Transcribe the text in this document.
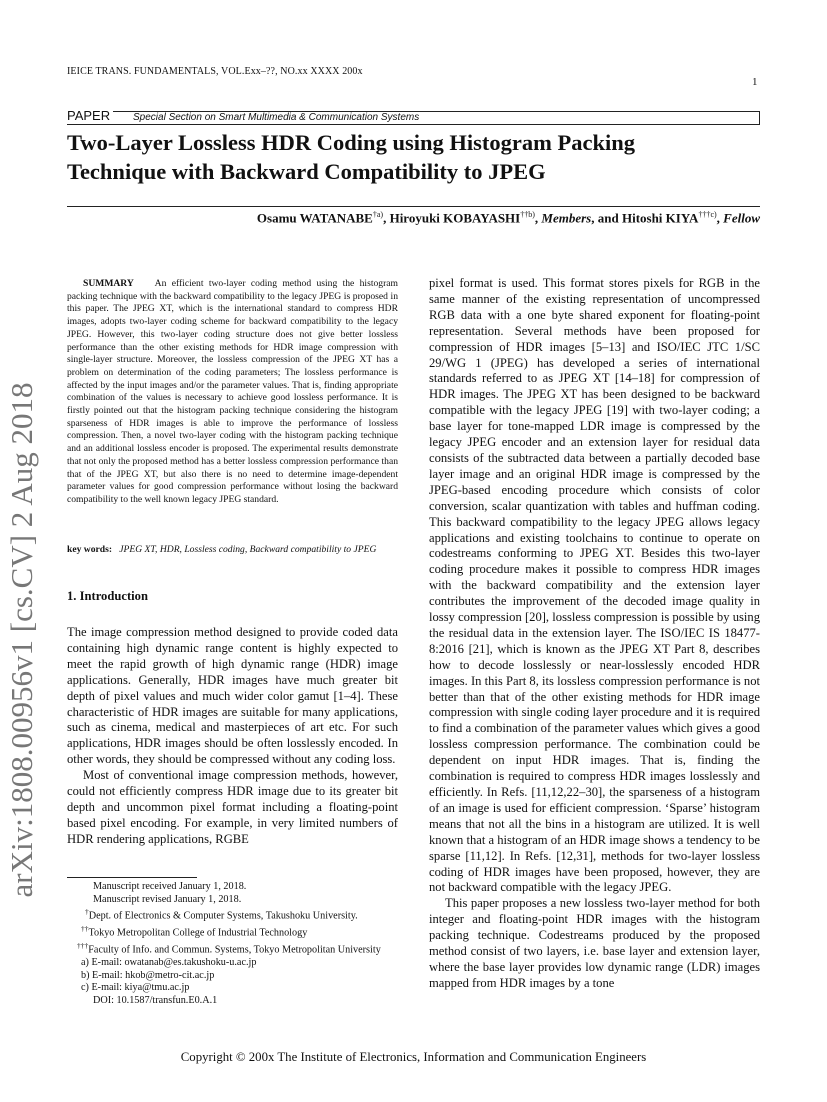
IEICE TRANS. FUNDAMENTALS, VOL.Exx–??, NO.xx XXXX 200x
1
PAPER	Special Section on Smart Multimedia & Communication Systems
Two-Layer Lossless HDR Coding using Histogram Packing
Technique with Backward Compatibility to JPEG
Osamu WATANABE$^{\dagger a)}$, Hiroyuki KOBAYASHI$^{\dagger\dagger b)}$, Members, and Hitoshi KIYA$^{\dagger\dagger\dagger c)}$, Fellow
arXiv:1808.00956v1 [cs.CV] 2 Aug 2018

SUMMARY An efficient two-layer coding method using the histogram packing technique with the backward compatibility to the legacy JPEG is proposed in this paper. The JPEG XT, which is the international standard to compress HDR images, adopts two-layer coding scheme for backward compatibility to the legacy JPEG. However, this two-layer coding structure does not give better lossless performance than the other existing methods for HDR image compression with single-layer structure. Moreover, the lossless compression of the JPEG XT has a problem on determination of the coding parameters; The lossless performance is affected by the input images and/or the parameter values. That is, finding appropriate combination of the values is necessary to achieve good lossless performance. It is firstly pointed out that the histogram packing technique considering the histogram sparseness of HDR images is able to improve the performance of lossless compression. Then, a novel two-layer coding with the histogram packing technique and an additional lossless encoder is proposed. The experimental results demonstrate that not only the proposed method has a better lossless compression performance than that of the JPEG XT, but also there is no need to determine image-dependent parameter values for good compression performance without losing the backward compatibility to the well known legacy JPEG standard.

key words: JPEG XT, HDR, Lossless coding, Backward compatibility to JPEG

1. Introduction

The image compression method designed to provide coded data containing high dynamic range content is highly expected to meet the rapid growth of high dynamic range (HDR) image applications. Generally, HDR images have much greater bit depth of pixel values and much wider color gamut [1–4]. These characteristic of HDR images are suitable for many applications, such as cinema, medical and masterpieces of art etc. For such applications, HDR images should be often losslessly encoded. In other words, they should be compressed without any coding loss.

Most of conventional image compression methods, however, could not efficiently compress HDR image due to its greater bit depth and uncommon pixel format including a floating-point based pixel encoding. For example, in very limited numbers of HDR rendering applications, RGBE

Manuscript received January 1, 2018.
Manuscript revised January 1, 2018.
†Dept. of Electronics & Computer Systems, Takushoku University.
††Tokyo Metropolitan College of Industrial Technology
†††Faculty of Info. and Commun. Systems, Tokyo Metropolitan University
a) E-mail: owatanab@es.takushoku-u.ac.jp
b) E-mail: hkob@metro-cit.ac.jp
c) E-mail: kiya@tmu.ac.jp
DOI: 10.1587/transfun.E0.A.1

pixel format is used. This format stores pixels for RGB in the same manner of the existing representation of uncompressed RGB data with a one byte shared exponent for floating-point representation. Several methods have been proposed for compression of HDR images [5–13] and ISO/IEC JTC 1/SC 29/WG 1 (JPEG) has developed a series of international standards referred to as JPEG XT [14–18] for compression of HDR images. The JPEG XT has been designed to be backward compatible with the legacy JPEG [19] with two-layer coding; a base layer for tone-mapped LDR image is compressed by the legacy JPEG encoder and an extension layer for residual data consists of the subtracted data between a partially decoded base layer image and an original HDR image is compressed by the JPEG-based encoding procedure which consists of color conversion, scalar quantization with tables and huffman coding. This backward compatibility to the legacy JPEG allows legacy applications and existing toolchains to continue to operate on codestreams conforming to JPEG XT. Besides this two-layer coding procedure makes it possible to compress HDR images with the backward compatibility and the extension layer contributes the improvement of the decoded image quality in lossy compression [20], lossless compression is possible by using the residual data in the extension layer. The ISO/IEC IS 18477-8:2016 [21], which is known as the JPEG XT Part 8, describes how to decode losslessly or near-losslessly encoded HDR images. In this Part 8, its lossless compression performance is not better than that of the other existing methods for HDR image compression with single coding layer procedure and it is required to find a combination of the parameter values which gives a good lossless compression performance. The combination could be dependent on input HDR images. That is, finding the combination is required to compress HDR images losslessly and efficiently. In Refs. [11,12,22–30], the sparseness of a histogram of an image is used for efficient compression. ‘Sparse’ histogram means that not all the bins in a histogram are utilized. It is well known that a histogram of an HDR image shows a tendency to be sparse [11,12]. In Refs. [12,31], methods for two-layer lossless coding of HDR images have been proposed, however, they are not backward compatible with the legacy JPEG.

This paper proposes a new lossless two-layer method for both integer and floating-point HDR images with the histogram packing technique. Codestreams produced by the proposed method consist of two layers, i.e. base layer and extension layer, where the base layer provides low dynamic range (LDR) images mapped from HDR images by a tone

Copyright © 200x The Institute of Electronics, Information and Communication Engineers
